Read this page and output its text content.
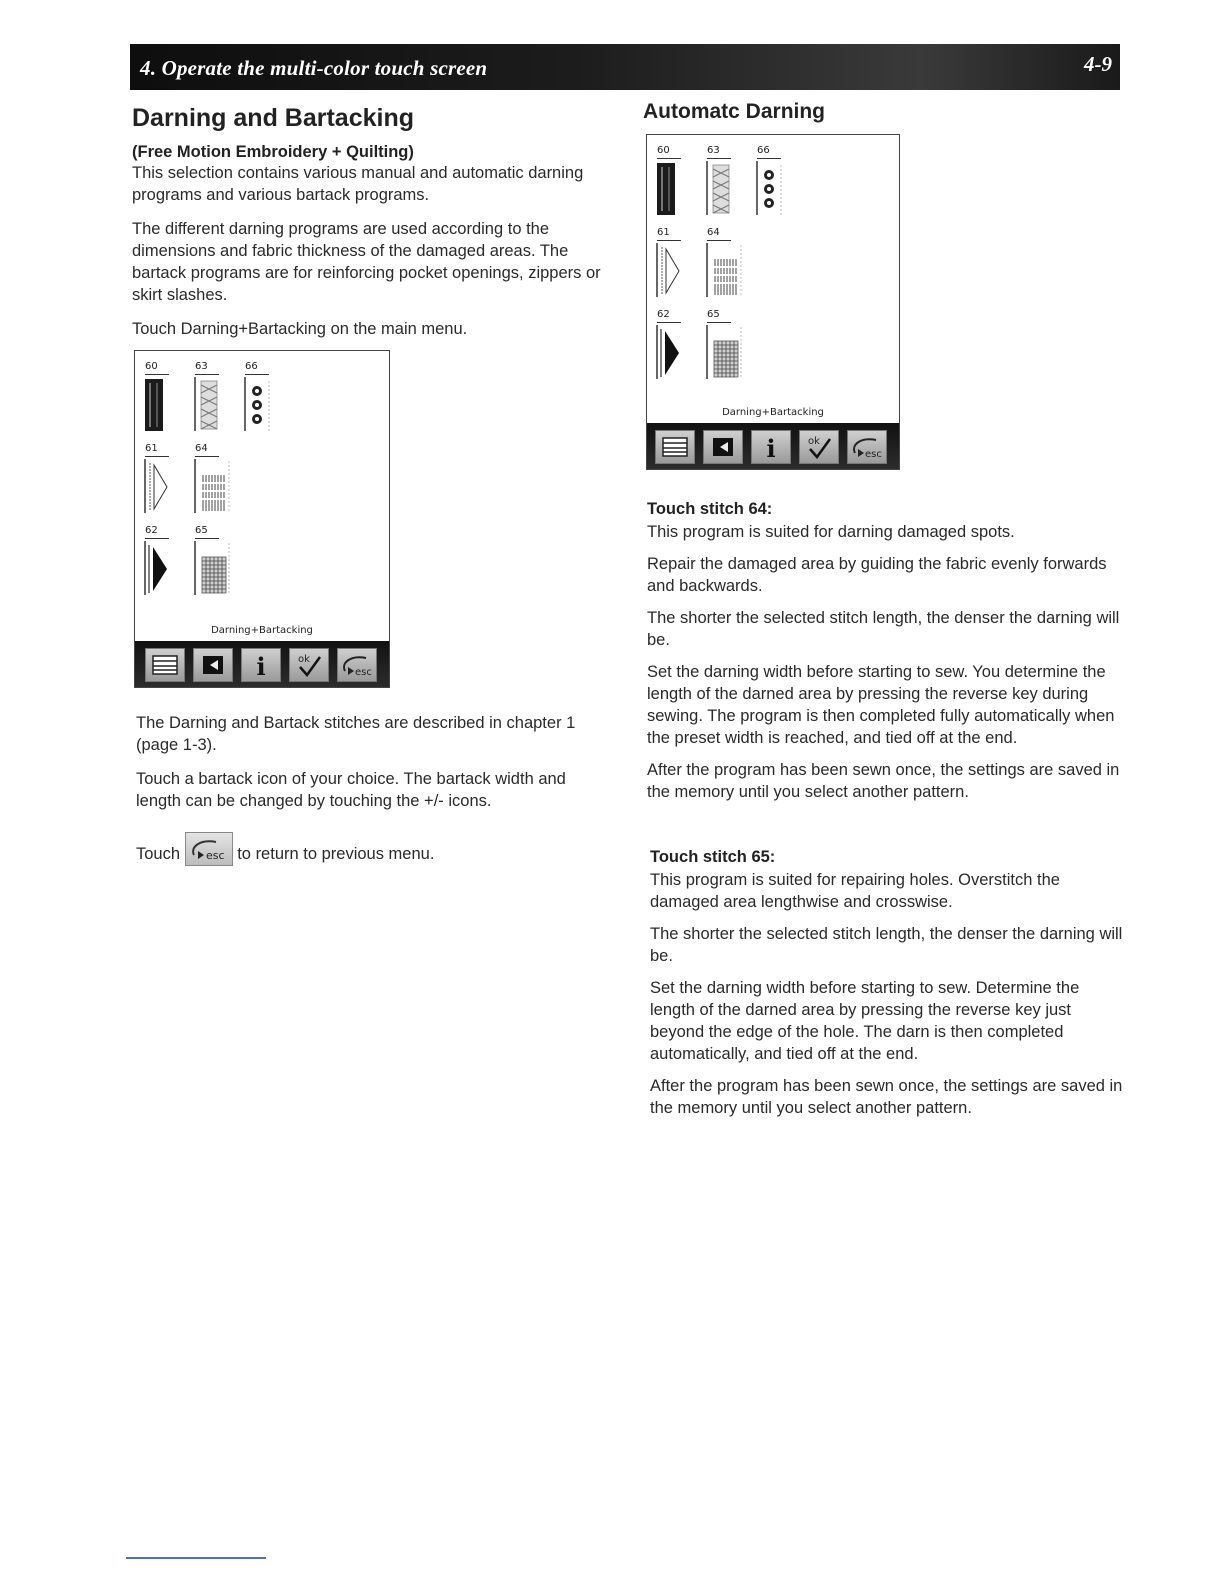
4. Operate the multi-color touch screen	4-9
Darning and Bartacking
(Free Motion Embroidery + Quilting)

This selection contains various manual and automatic darning programs and various bartack programs.

The different darning programs are used according to the dimensions and fabric thickness of the damaged areas. The bartack programs are for reinforcing pocket openings, zippers or skirt slashes.

Touch Darning+Bartacking on the main menu.

The Darning and Bartack stitches are described in chapter 1 (page 1-3).

Touch a bartack icon of your choice. The bartack width and length can be changed by touching the +/- icons.

Touch esc to return to previous menu.

60	63	66
61	64
62	65
Darning+Bartacking
i	ok
esc
Automatc Darning
60	63	66
61	64
62	65
Darning+Bartacking
i	ok
esc
Touch stitch 64:

This program is suited for darning damaged spots.

Repair the damaged area by guiding the fabric evenly forwards and backwards.

The shorter the selected stitch length, the denser the darning will be.

Set the darning width before starting to sew. You determine the length of the darned area by pressing the reverse key during sewing. The program is then completed fully automatically when the preset width is reached, and tied off at the end.

After the program has been sewn once, the settings are saved in the memory until you select another pattern.

Touch stitch 65:

This program is suited for repairing holes. Overstitch the damaged area lengthwise and crosswise.

The shorter the selected stitch length, the denser the darning will be.

Set the darning width before starting to sew. Determine the length of the darned area by pressing the reverse key just beyond the edge of the hole. The darn is then completed automatically, and tied off at the end.

After the program has been sewn once, the settings are saved in the memory until you select another pattern.
